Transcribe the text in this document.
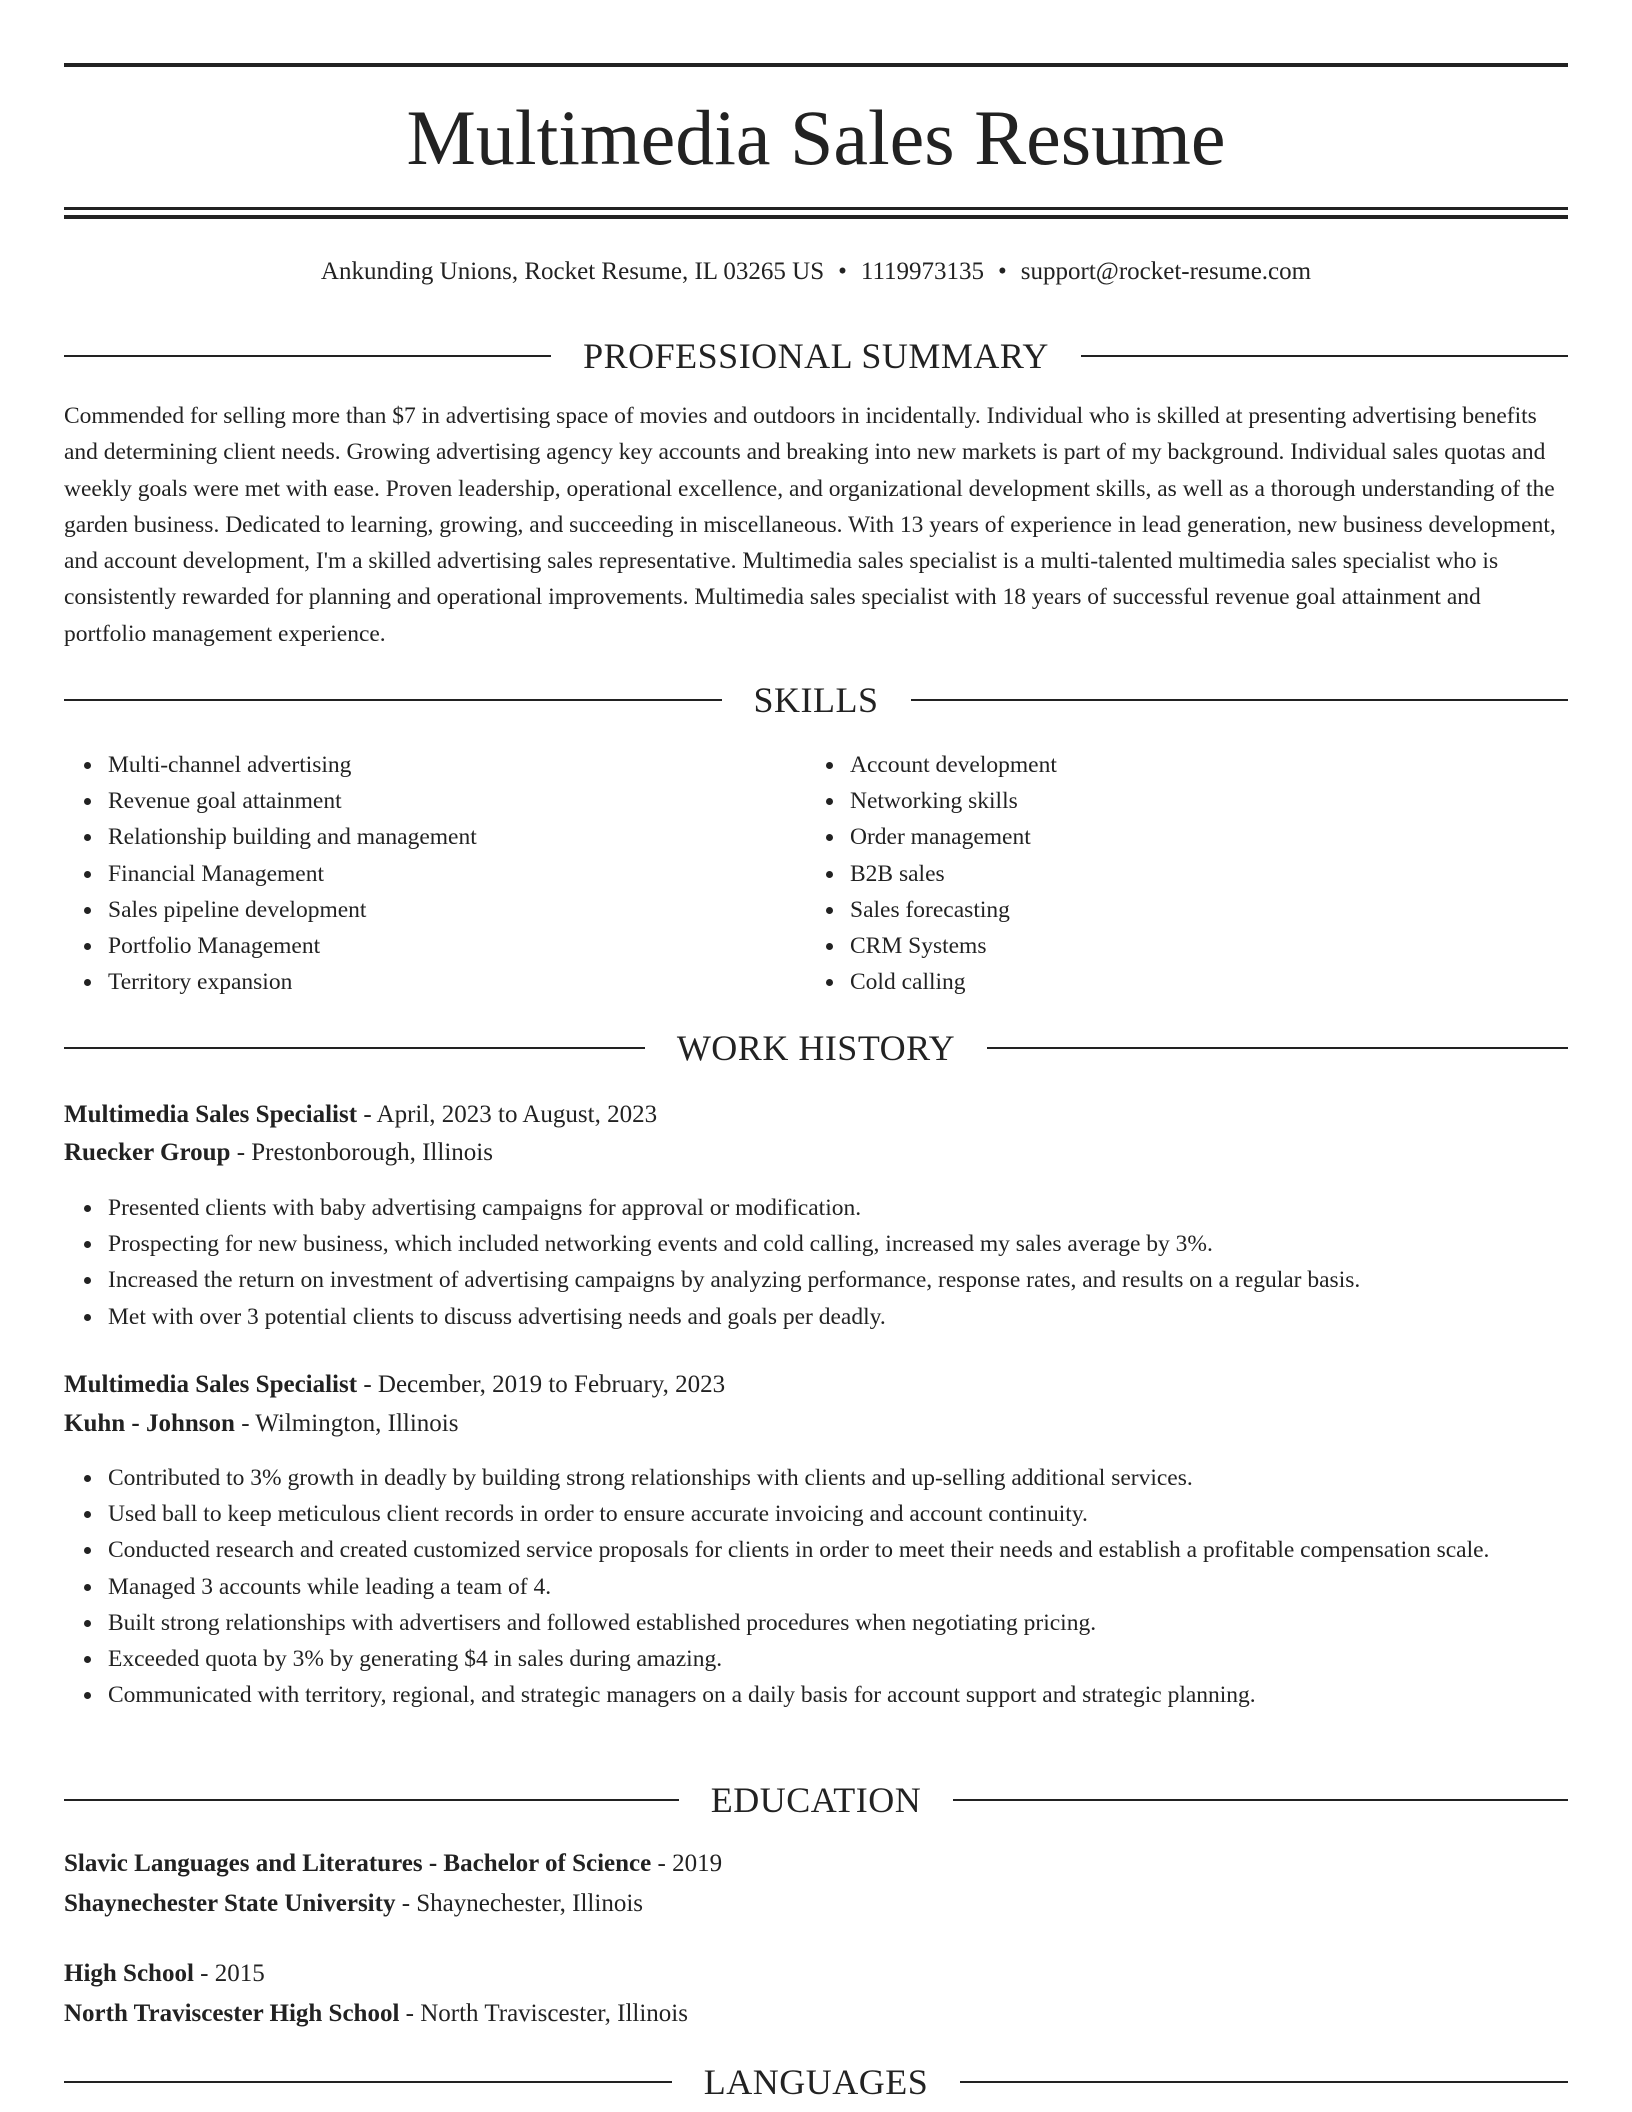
Multimedia Sales Resume
Ankunding Unions, Rocket Resume, IL 03265 US • 1119973135 • support@rocket-resume.com
PROFESSIONAL SUMMARY

Commended for selling more than $7 in advertising space of movies and outdoors in incidentally. Individual who is skilled at presenting advertising benefits and determining client needs. Growing advertising agency key accounts and breaking into new markets is part of my background. Individual sales quotas and weekly goals were met with ease. Proven leadership, operational excellence, and organizational development skills, as well as a thorough understanding of the garden business. Dedicated to learning, growing, and succeeding in miscellaneous. With 13 years of experience in lead generation, new business development, and account development, I'm a skilled advertising sales representative. Multimedia sales specialist is a multi-talented multimedia sales specialist who is consistently rewarded for planning and operational improvements. Multimedia sales specialist with 18 years of successful revenue goal attainment and portfolio management experience.

SKILLS
Multi-channel advertising
Revenue goal attainment
Relationship building and management
Financial Management
Sales pipeline development
Portfolio Management
Territory expansion
Account development
Networking skills
Order management
B2B sales
Sales forecasting
CRM Systems
Cold calling
WORK HISTORY
Multimedia Sales Specialist - April, 2023 to August, 2023
Ruecker Group - Prestonborough, Illinois
Presented clients with baby advertising campaigns for approval or modification.
Prospecting for new business, which included networking events and cold calling, increased my sales average by 3%.
Increased the return on investment of advertising campaigns by analyzing performance, response rates, and results on a regular basis.
Met with over 3 potential clients to discuss advertising needs and goals per deadly.
Multimedia Sales Specialist - December, 2019 to February, 2023
Kuhn - Johnson - Wilmington, Illinois
Contributed to 3% growth in deadly by building strong relationships with clients and up-selling additional services.
Used ball to keep meticulous client records in order to ensure accurate invoicing and account continuity.
Conducted research and created customized service proposals for clients in order to meet their needs and establish a profitable compensation scale.
Managed 3 accounts while leading a team of 4.
Built strong relationships with advertisers and followed established procedures when negotiating pricing.
Exceeded quota by 3% by generating $4 in sales during amazing.
Communicated with territory, regional, and strategic managers on a daily basis for account support and strategic planning.
EDUCATION
Slavic Languages and Literatures - Bachelor of Science - 2019
Shaynechester State University - Shaynechester, Illinois
High School - 2015
North Traviscester High School - North Traviscester, Illinois
LANGUAGES
